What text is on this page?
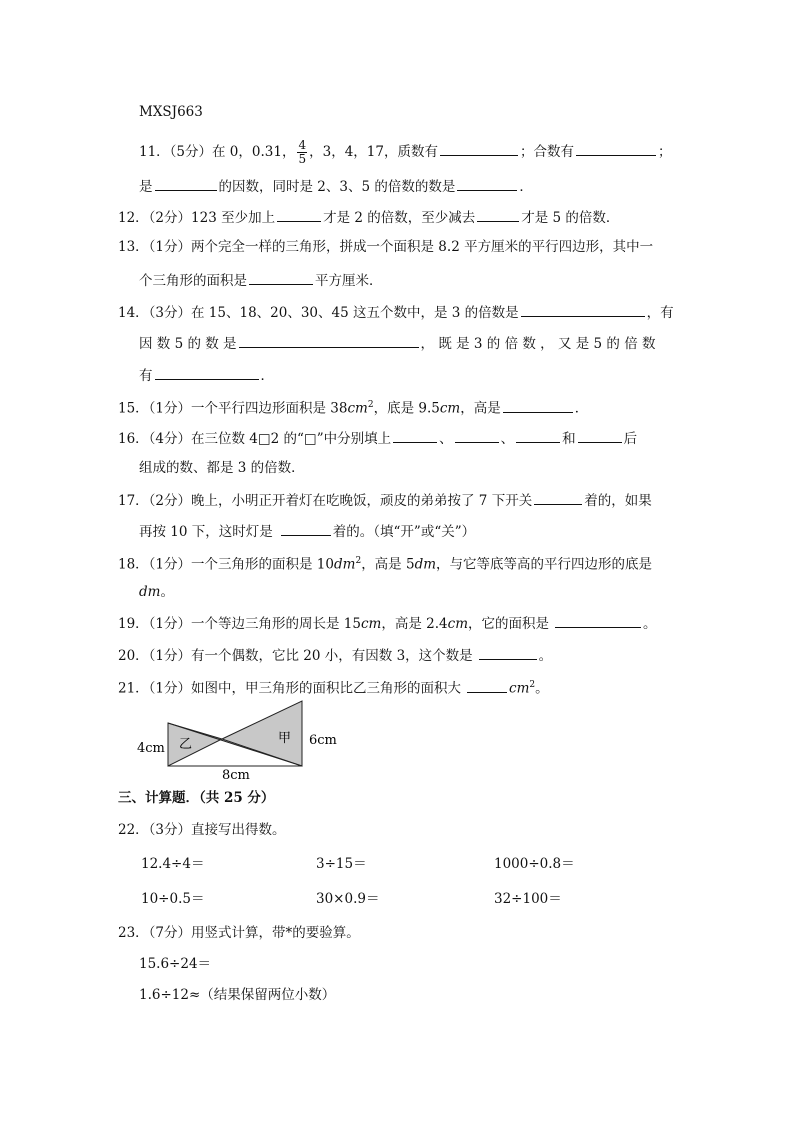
MXSJ663
11．（5分）在 0，0.31， $\frac{4}{5}$ ，3，4，17，质数有	；合数有	；
是	的因数，同时是 2、3、5 的倍数的数是	．
12．（2分）123 至少加上	才是 2 的倍数，至少减去	才是 5 的倍数．
13．（1分）两个完全一样的三角形，拼成一个面积是 8.2 平方厘米的平行四边形，其中一
个三角形的面积是	平方厘米．
14．（3分）在 15、18、20、30、45 这五个数中，是 3 的倍数是	，有
因 数 5 的 数 是	， 既 是 3 的 倍 数 ， 又 是 5 的 倍 数
有	．
15．（1分）一个平行四边形面积是 $38cm^2$，底是 9.5cm，高是	．
16．（4分）在三位数 4□2 的“□”中分别填上	、	、	和	后
组成的数、都是 3 的倍数．
17．（2分）晚上，小明正开着灯在吃晚饭，顽皮的弟弟按了 7 下开关	着的，如果
再按 10 下，这时灯是	着的。（填“开”或“关”）
18．（1分）一个三角形的面积是 $10dm^2$，高是 5dm，与它等底等高的平行四边形的底是
dm。
19．（1分）一个等边三角形的周长是 15cm，高是 2.4cm，它的面积是	。
20．（1分）有一个偶数，它比 20 小，有因数 3，这个数是	。
21．（1分）如图中，甲三角形的面积比乙三角形的面积大	$cm^2$。
4cm
6cm
8cm
乙	甲
三、计算题．（共 25 分）
22．（3分）直接写出得数。
12.4÷4＝	3÷15＝	1000÷0.8＝
10÷0.5＝	30×0.9＝	32÷100＝
23．（7分）用竖式计算，带*的要验算。
15.6÷24＝
1.6÷12≈（结果保留两位小数）
